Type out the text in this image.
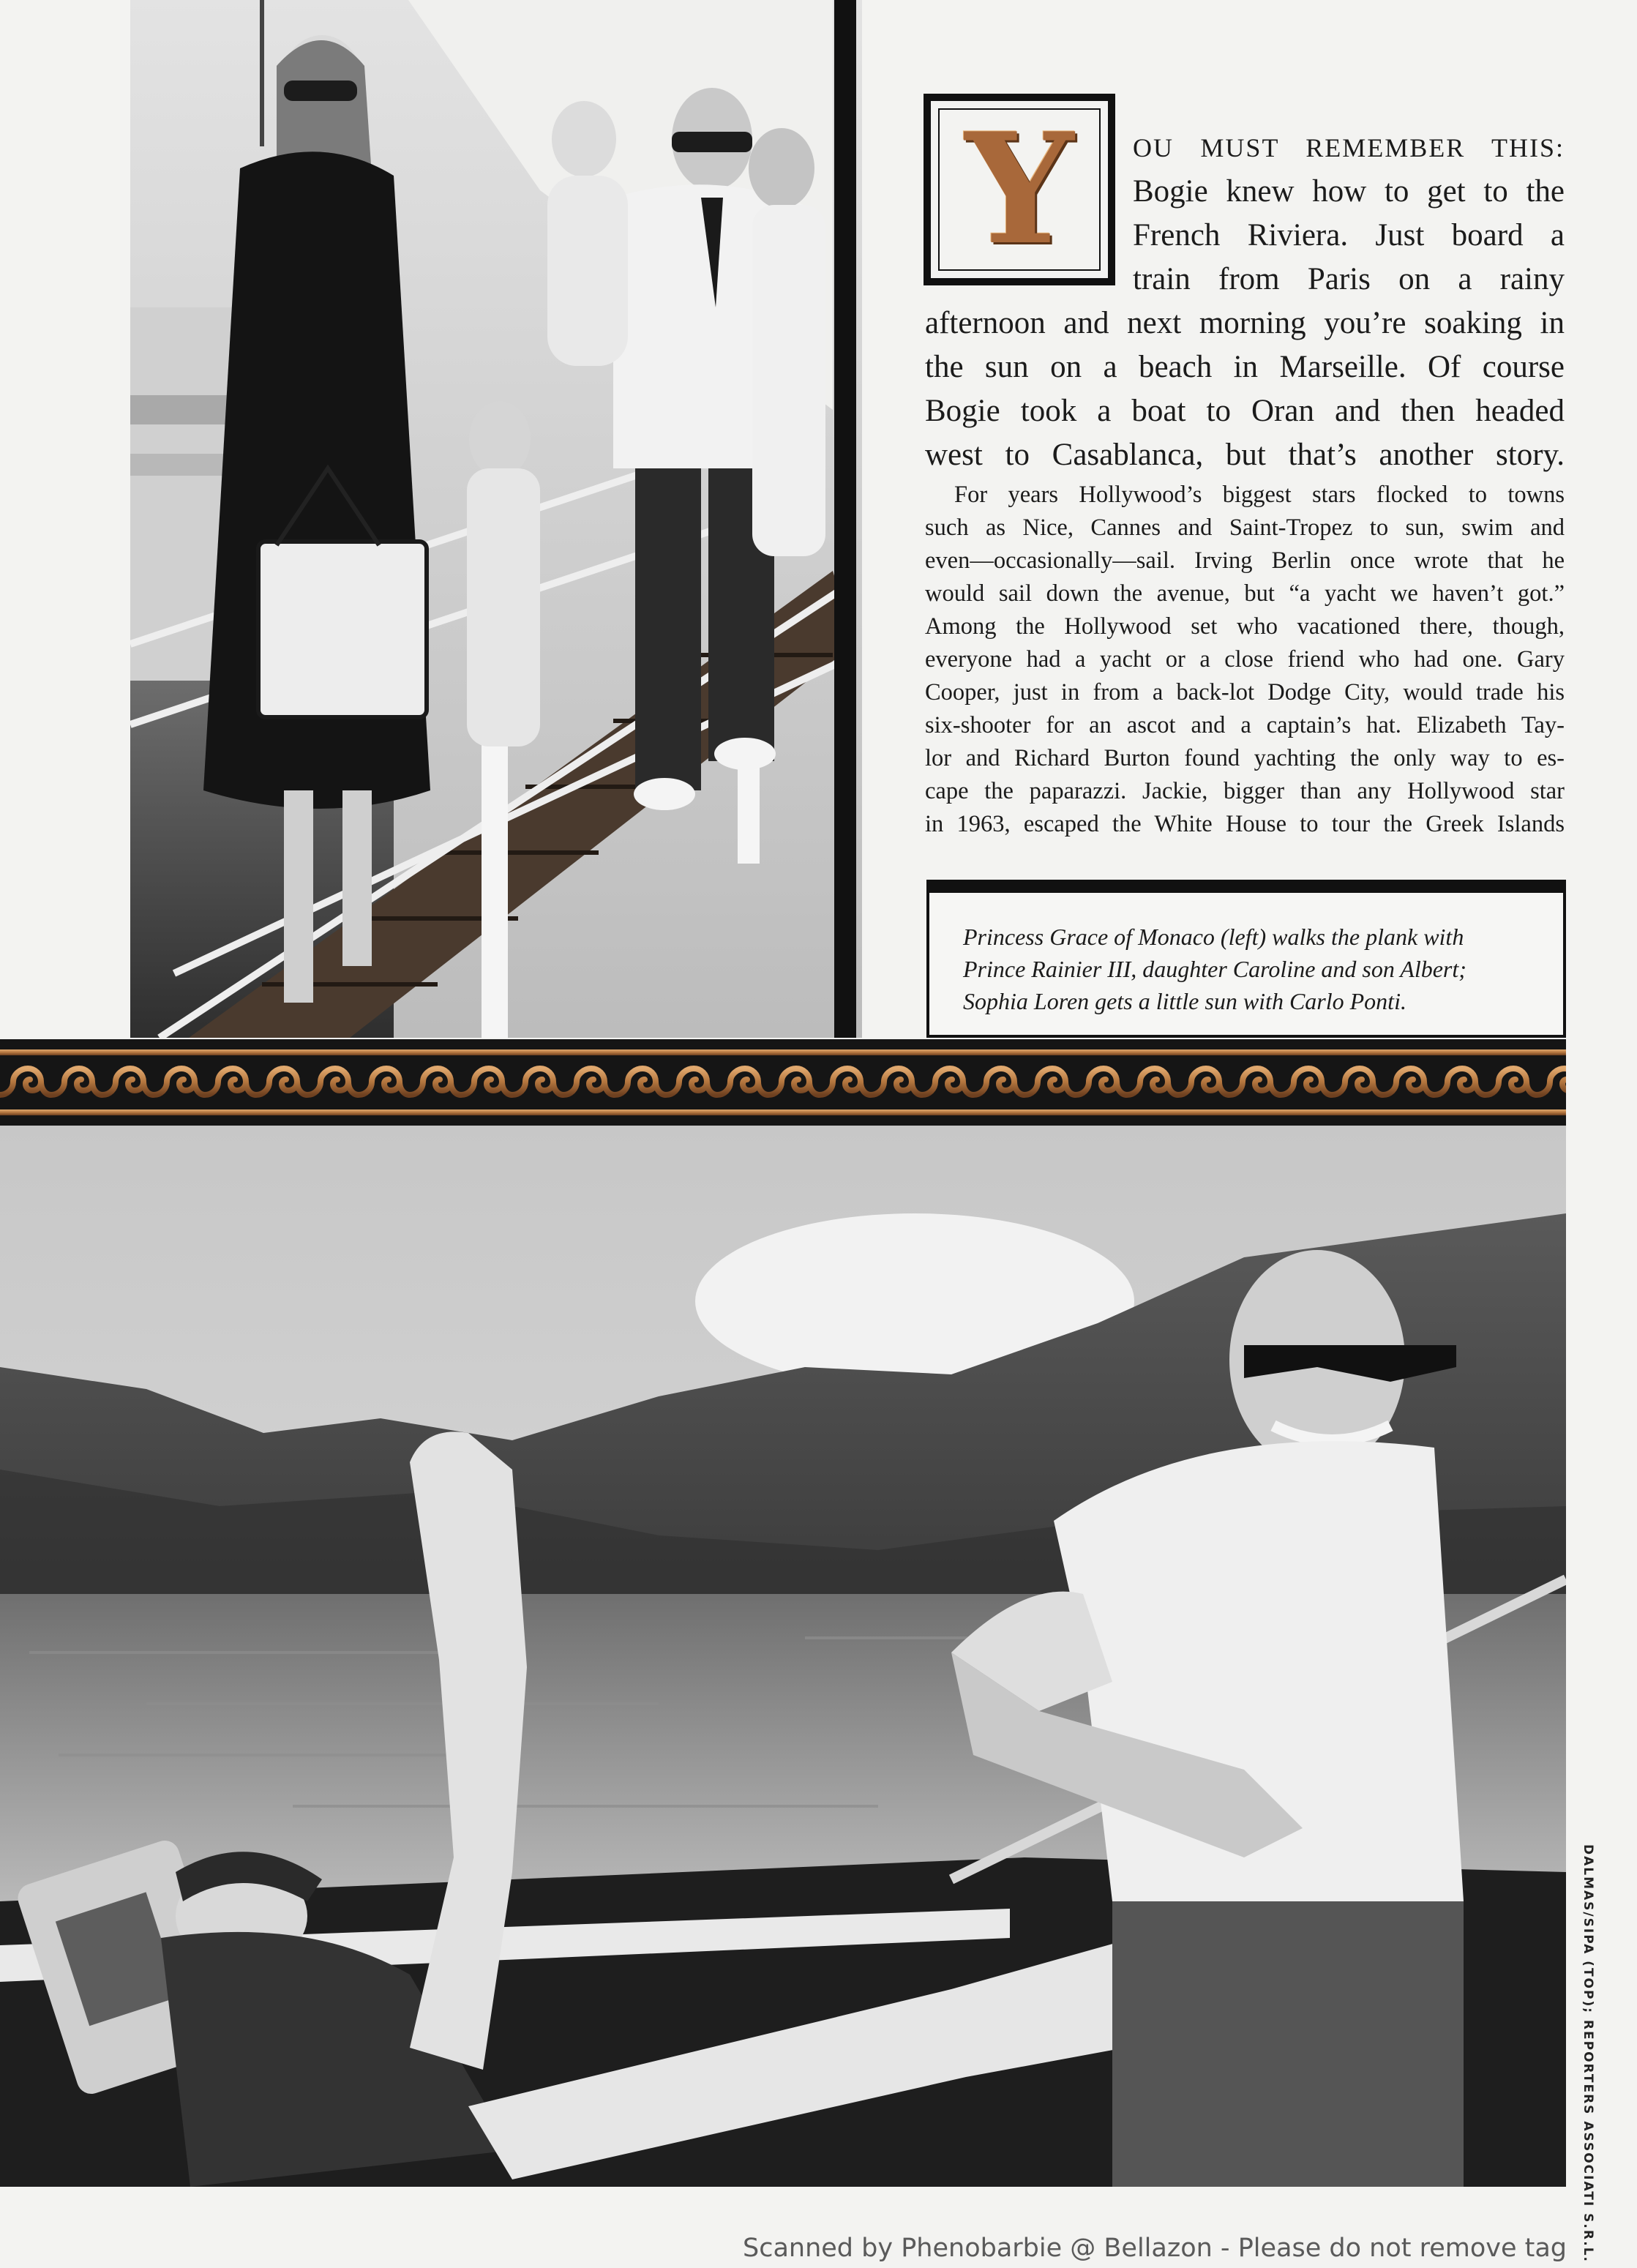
Y OU MUST REMEMBER THIS:
Bogie knew how to get to the
French Riviera. Just board a
train from Paris on a rainy
afternoon and next morning you’re soaking in
the sun on a beach in Marseille. Of course
Bogie took a boat to Oran and then headed
west to Casablanca, but that’s another story.
For years Hollywood’s biggest stars flocked to towns
such as Nice, Cannes and Saint-Tropez to sun, swim and
even—occasionally—sail. Irving Berlin once wrote that he
would sail down the avenue, but “a yacht we haven’t got.”
Among the Hollywood set who vacationed there, though,
everyone had a yacht or a close friend who had one. Gary
Cooper, just in from a back-lot Dodge City, would trade his
six-shooter for an ascot and a captain’s hat. Elizabeth Tay-
lor and Richard Burton found yachting the only way to es-
cape the paparazzi. Jackie, bigger than any Hollywood star
in 1963, escaped the White House to tour the Greek Islands
Princess Grace of Monaco (left) walks the plank with
Prince Rainier III, daughter Caroline and son Albert;
Sophia Loren gets a little sun with Carlo Ponti.
DALMAS/SIPA (TOP); REPORTERS ASSOCIATI S.R.L.
Scanned by Phenobarbie @ Bellazon - Please do not remove tag
